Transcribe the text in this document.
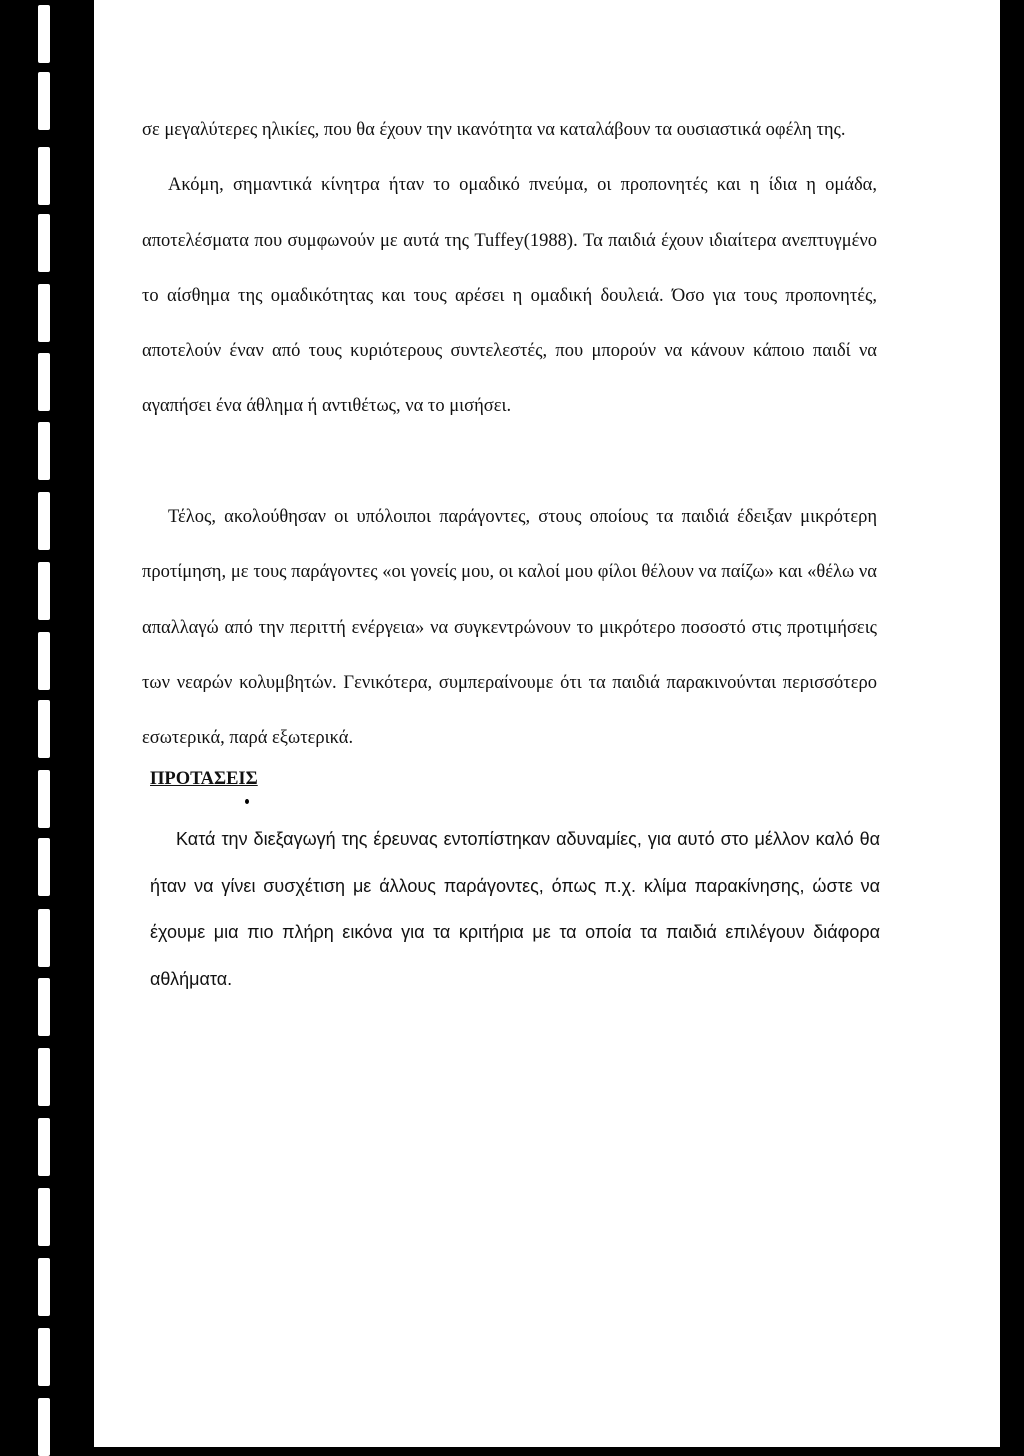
σε μεγαλύτερες ηλικίες, που θα έχουν την ικανότητα να καταλάβουν τα ουσιαστικά οφέλη της.

Ακόμη, σημαντικά κίνητρα ήταν το ομαδικό πνεύμα, οι προπονητές και η ίδια η ομάδα, αποτελέσματα που συμφωνούν με αυτά της Tuffey(1988). Τα παιδιά έχουν ιδιαίτερα ανεπτυγμένο το αίσθημα της ομαδικότητας και τους αρέσει η ομαδική δουλειά. Όσο για τους προπονητές, αποτελούν έναν από τους κυριότερους συντελεστές, που μπορούν να κάνουν κάποιο παιδί να αγαπήσει ένα άθλημα ή αντιθέτως, να το μισήσει.

Τέλος, ακολούθησαν οι υπόλοιποι παράγοντες, στους οποίους τα παιδιά έδειξαν μικρότερη προτίμηση, με τους παράγοντες «οι γονείς μου, οι καλοί μου φίλοι θέλουν να παίζω» και «θέλω να απαλλαγώ από την περιττή ενέργεια» να συγκεντρώνουν το μικρότερο ποσοστό στις προτιμήσεις των νεαρών κολυμβητών. Γενικότερα, συμπεραίνουμε ότι τα παιδιά παρακινούνται περισσότερο εσωτερικά, παρά εξωτερικά.

ΠΡΟΤΑΣΕΙΣ

Κατά την διεξαγωγή της έρευνας εντοπίστηκαν αδυναμίες, για αυτό στο μέλλον καλό θα ήταν να γίνει συσχέτιση με άλλους παράγοντες, όπως π.χ. κλίμα παρακίνησης, ώστε να έχουμε μια πιο πλήρη εικόνα για τα κριτήρια με τα οποία τα παιδιά επιλέγουν διάφορα αθλήματα.
